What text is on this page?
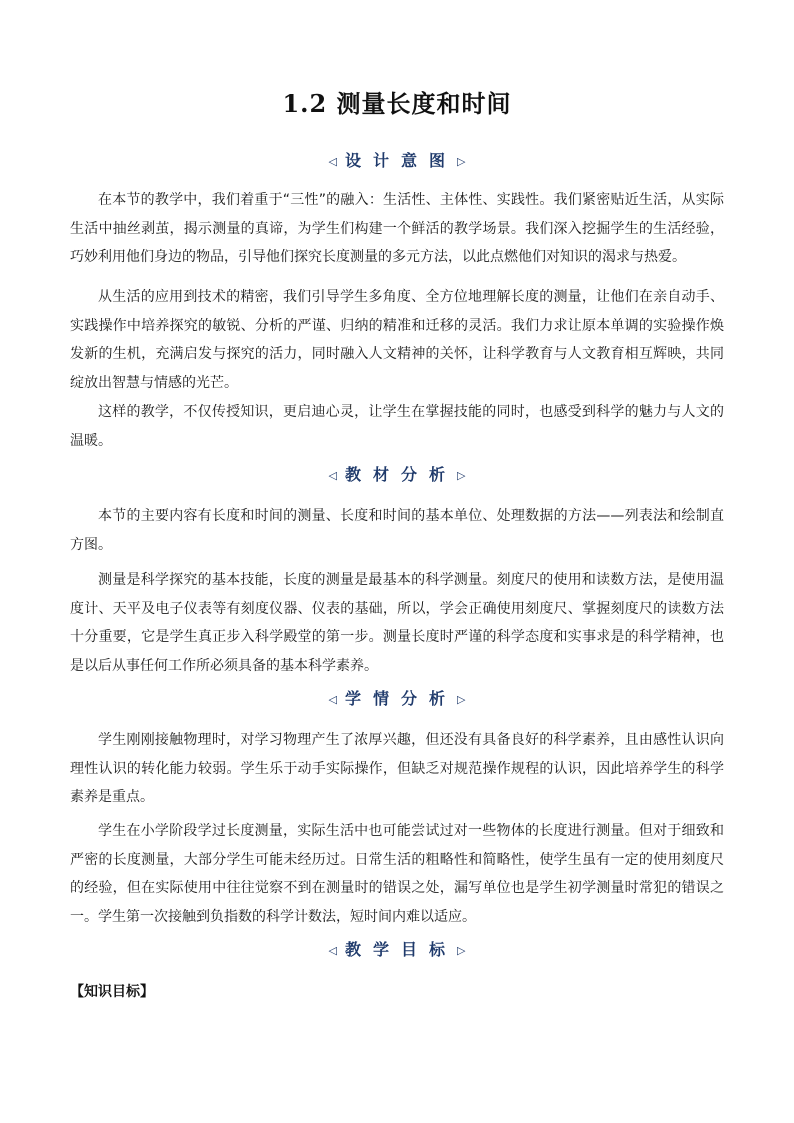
1.2 测量长度和时间
◁ 设计意图▷

在本节的教学中，我们着重于“三性”的融入：生活性、主体性、实践性。我们紧密贴近生活，从实际生活中抽丝剥茧，揭示测量的真谛，为学生们构建一个鲜活的教学场景。我们深入挖掘学生的生活经验，巧妙利用他们身边的物品，引导他们探究长度测量的多元方法，以此点燃他们对知识的渴求与热爱。

从生活的应用到技术的精密，我们引导学生多角度、全方位地理解长度的测量，让他们在亲自动手、实践操作中培养探究的敏锐、分析的严谨、归纳的精准和迁移的灵活。我们力求让原本单调的实验操作焕发新的生机，充满启发与探究的活力，同时融入人文精神的关怀，让科学教育与人文教育相互辉映，共同绽放出智慧与情感的光芒。

这样的教学，不仅传授知识，更启迪心灵，让学生在掌握技能的同时，也感受到科学的魅力与人文的温暖。

◁ 教材分析▷

本节的主要内容有长度和时间的测量、长度和时间的基本单位、处理数据的方法——列表法和绘制直方图。

测量是科学探究的基本技能，长度的测量是最基本的科学测量。刻度尺的使用和读数方法，是使用温度计、天平及电子仪表等有刻度仪器、仪表的基础，所以，学会正确使用刻度尺、掌握刻度尺的读数方法十分重要，它是学生真正步入科学殿堂的第一步。测量长度时严谨的科学态度和实事求是的科学精神，也是以后从事任何工作所必须具备的基本科学素养。

◁ 学情分析▷

学生刚刚接触物理时，对学习物理产生了浓厚兴趣，但还没有具备良好的科学素养，且由感性认识向理性认识的转化能力较弱。学生乐于动手实际操作，但缺乏对规范操作规程的认识，因此培养学生的科学素养是重点。

学生在小学阶段学过长度测量，实际生活中也可能尝试过对一些物体的长度进行测量。但对于细致和严密的长度测量，大部分学生可能未经历过。日常生活的粗略性和简略性，使学生虽有一定的使用刻度尺的经验，但在实际使用中往往觉察不到在测量时的错误之处，漏写单位也是学生初学测量时常犯的错误之一。学生第一次接触到负指数的科学计数法，短时间内难以适应。

◁ 教学目标▷
【知识目标】
